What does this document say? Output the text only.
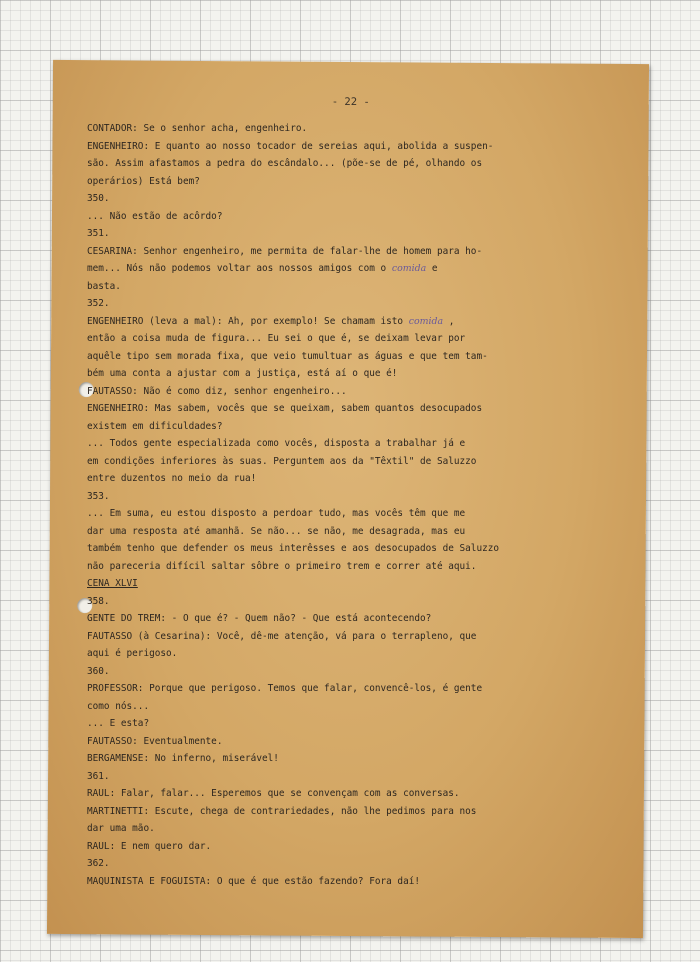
- 22 -
CONTADOR: Se o senhor acha, engenheiro.
ENGENHEIRO: E quanto ao nosso tocador de sereias aqui, abolida a suspen-
são. Assim afastamos a pedra do escândalo... (põe-se de pé, olhando os
operários) Está bem?
350.
... Não estão de acôrdo?
351.
CESARINA: Senhor engenheiro, me permita de falar-lhe de homem para ho-
mem... Nós não podemos voltar aos nossos amigos com o comida e
basta.
352.
ENGENHEIRO (leva a mal): Ah, por exemplo! Se chamam isto comida ,
então a coisa muda de figura... Eu sei o que é, se deixam levar por
aquêle tipo sem morada fixa, que veio tumultuar as águas e que tem tam-
bém uma conta a ajustar com a justiça, está aí o que é!
FAUTASSO: Não é como diz, senhor engenheiro...
ENGENHEIRO: Mas sabem, vocês que se queixam, sabem quantos desocupados
existem em dificuldades?
... Todos gente especializada como vocês, disposta a trabalhar já e
em condições inferiores às suas. Perguntem aos da "Têxtil" de Saluzzo
entre duzentos no meio da rua!
353.
... Em suma, eu estou disposto a perdoar tudo, mas vocês têm que me
dar uma resposta até amanhã. Se não... se não, me desagrada, mas eu
também tenho que defender os meus interêsses e aos desocupados de Saluzzo
não pareceria difícil saltar sôbre o primeiro trem e correr até aqui.
CENA XLVI
358.
GENTE DO TREM: - O que é? - Quem não? - Que está acontecendo?
FAUTASSO (à Cesarina): Você, dê-me atenção, vá para o terrapleno, que
aqui é perigoso.
360.
PROFESSOR: Porque que perigoso. Temos que falar, convencê-los, é gente
como nós...
... E esta?
FAUTASSO: Eventualmente.
BERGAMENSE: No inferno, miserável!
361.
RAUL: Falar, falar... Esperemos que se convençam com as conversas.
MARTINETTI: Escute, chega de contrariedades, não lhe pedimos para nos
dar uma mão.
RAUL: E nem quero dar.
362.
MAQUINISTA E FOGUISTA: O que é que estão fazendo? Fora daí!
